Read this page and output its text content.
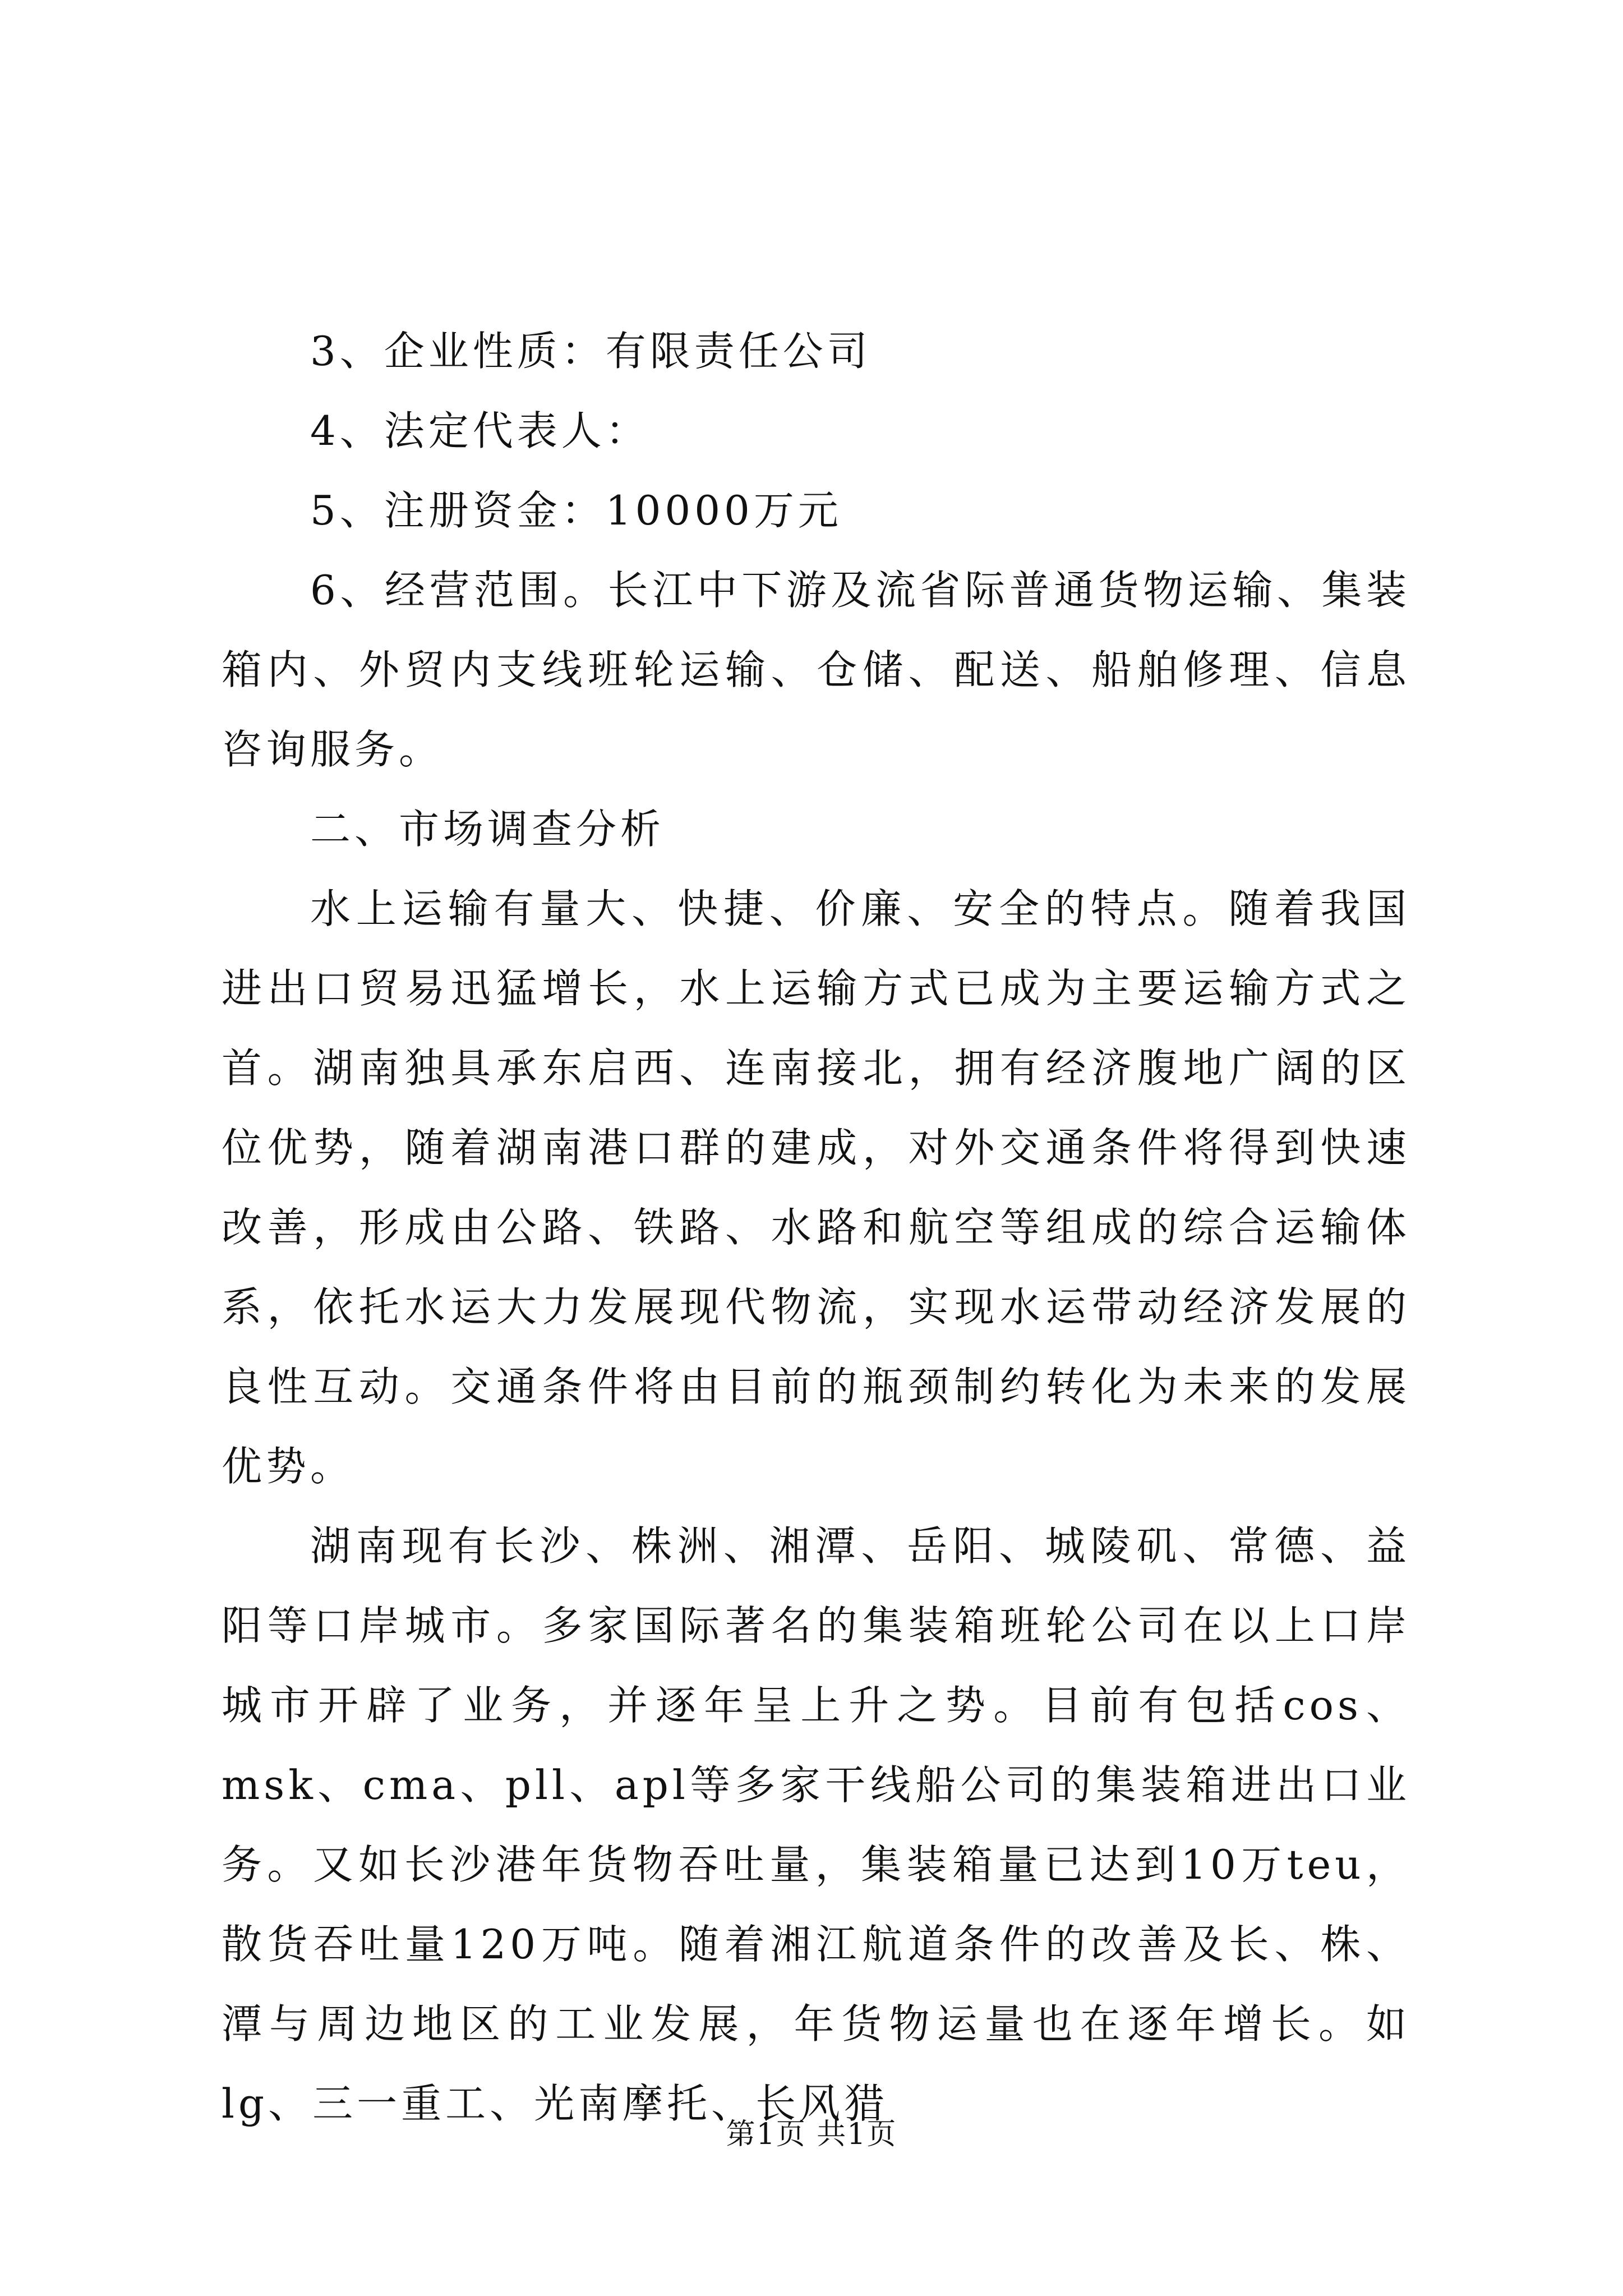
3、企业性质：有限责任公司

4、法定代表人：

5、注册资金：10000万元

6、经营范围。长江中下游及流省际普通货物运输、集装箱内、外贸内支线班轮运输、仓储、配送、船舶修理、信息咨询服务。

二、市场调查分析

水上运输有量大、快捷、价廉、安全的特点。随着我国进出口贸易迅猛增长，水上运输方式已成为主要运输方式之首。湖南独具承东启西、连南接北，拥有经济腹地广阔的区位优势，随着湖南港口群的建成，对外交通条件将得到快速改善，形成由公路、铁路、水路和航空等组成的综合运输体系，依托水运大力发展现代物流，实现水运带动经济发展的良性互动。交通条件将由目前的瓶颈制约转化为未来的发展优势。

湖南现有长沙、株洲、湘潭、岳阳、城陵矶、常德、益阳等口岸城市。多家国际著名的集装箱班轮公司在以上口岸城市开辟了业务，并逐年呈上升之势。目前有包括cos、msk、cma、pll、apl等多家干线船公司的集装箱进出口业务。又如长沙港年货物吞吐量，集装箱量已达到10万teu，散货吞吐量120万吨。随着湘江航道条件的改善及长、株、潭与周边地区的工业发展，年货物运量也在逐年增长。如lg、三一重工、光南摩托、长风猎

第1页 共1页
